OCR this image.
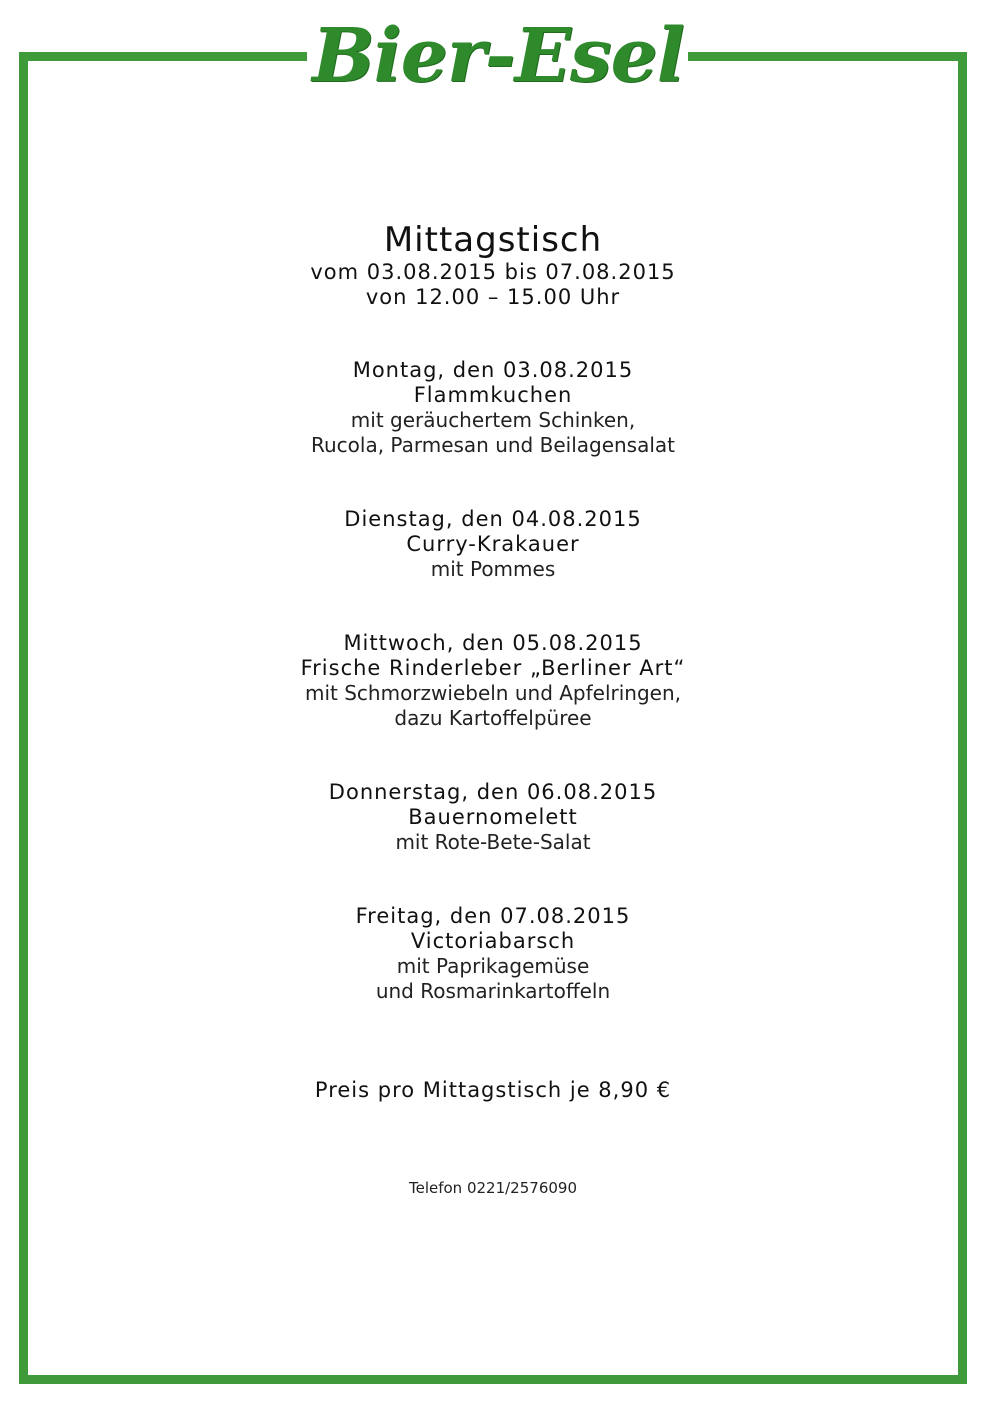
Bier-Esel
Mittagstisch
vom 03.08.2015 bis 07.08.2015
von 12.00 – 15.00 Uhr
Montag, den 03.08.2015
Flammkuchen
mit geräuchertem Schinken,
Rucola, Parmesan und Beilagensalat
Dienstag, den 04.08.2015
Curry-Krakauer
mit Pommes
Mittwoch, den 05.08.2015
Frische Rinderleber „Berliner Art“
mit Schmorzwiebeln und Apfelringen,
dazu Kartoffelpüree
Donnerstag, den 06.08.2015
Bauernomelett
mit Rote-Bete-Salat
Freitag, den 07.08.2015
Victoriabarsch
mit Paprikagemüse
und Rosmarinkartoffeln
Preis pro Mittagstisch je 8,90 €
Telefon 0221/2576090
